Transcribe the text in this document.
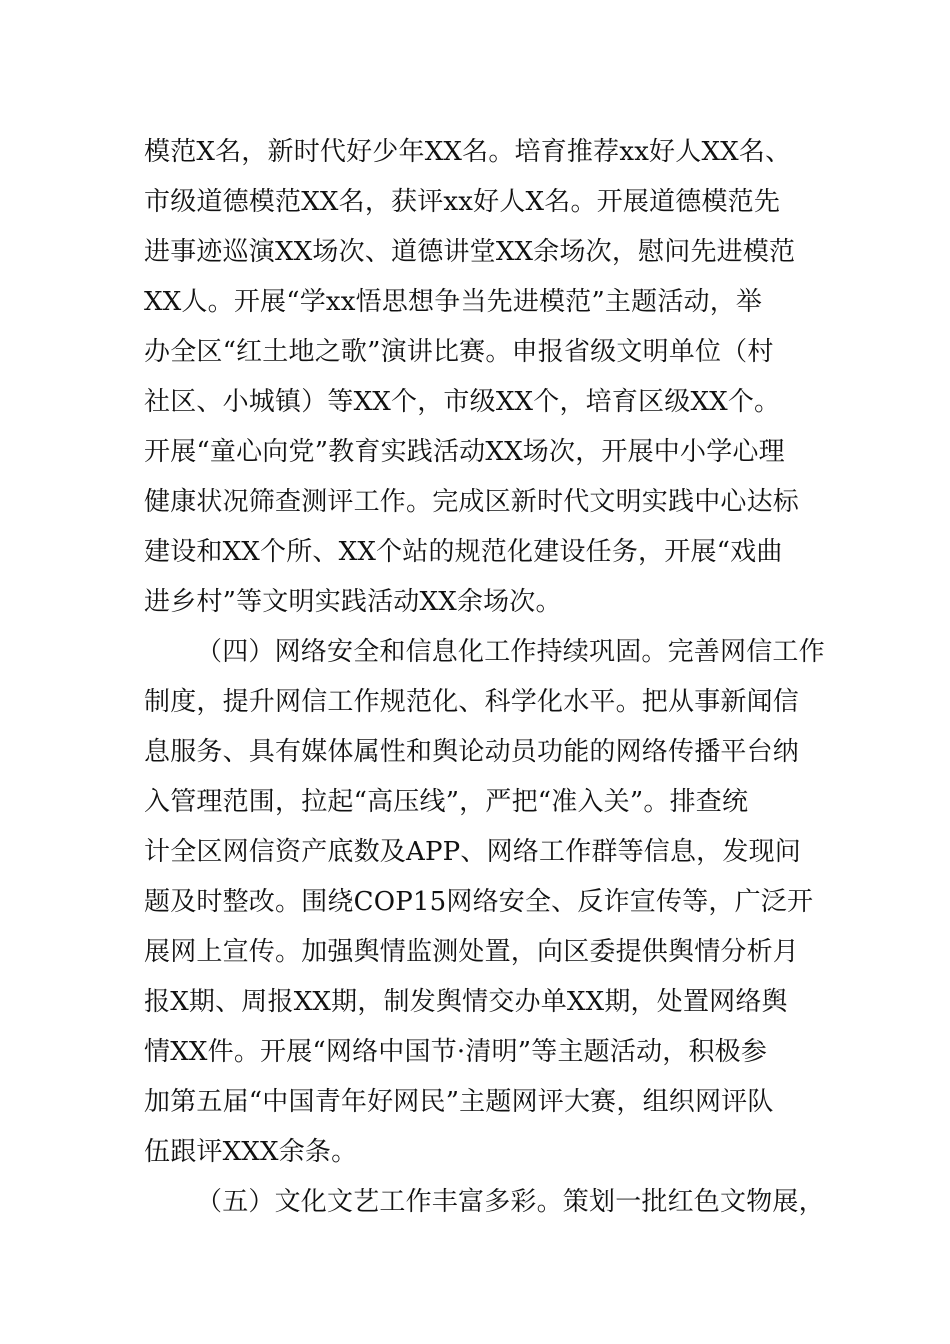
模范X名，新时代好少年XX名。培育推荐xx好人XX名、
市级道德模范XX名，获评xx好人X名。开展道德模范先
进事迹巡演XX场次、道德讲堂XX余场次，慰问先进模范
XX人。开展“学xx悟思想争当先进模范”主题活动，举
办全区“红土地之歌”演讲比赛。申报省级文明单位（村
社区、小城镇）等XX个，市级XX个，培育区级XX个。
开展“童心向党”教育实践活动XX场次，开展中小学心理
健康状况筛查测评工作。完成区新时代文明实践中心达标
建设和XX个所、XX个站的规范化建设任务，开展“戏曲
进乡村”等文明实践活动XX余场次。
（四）网络安全和信息化工作持续巩固。完善网信工作
制度，提升网信工作规范化、科学化水平。把从事新闻信
息服务、具有媒体属性和舆论动员功能的网络传播平台纳
入管理范围，拉起“高压线”，严把“准入关”。排查统
计全区网信资产底数及APP、网络工作群等信息，发现问
题及时整改。围绕COP15网络安全、反诈宣传等，广泛开
展网上宣传。加强舆情监测处置，向区委提供舆情分析月
报X期、周报XX期，制发舆情交办单XX期，处置网络舆
情XX件。开展“网络中国节·清明”等主题活动，积极参
加第五届“中国青年好网民”主题网评大赛，组织网评队
伍跟评XXX余条。
（五）文化文艺工作丰富多彩。策划一批红色文物展，
